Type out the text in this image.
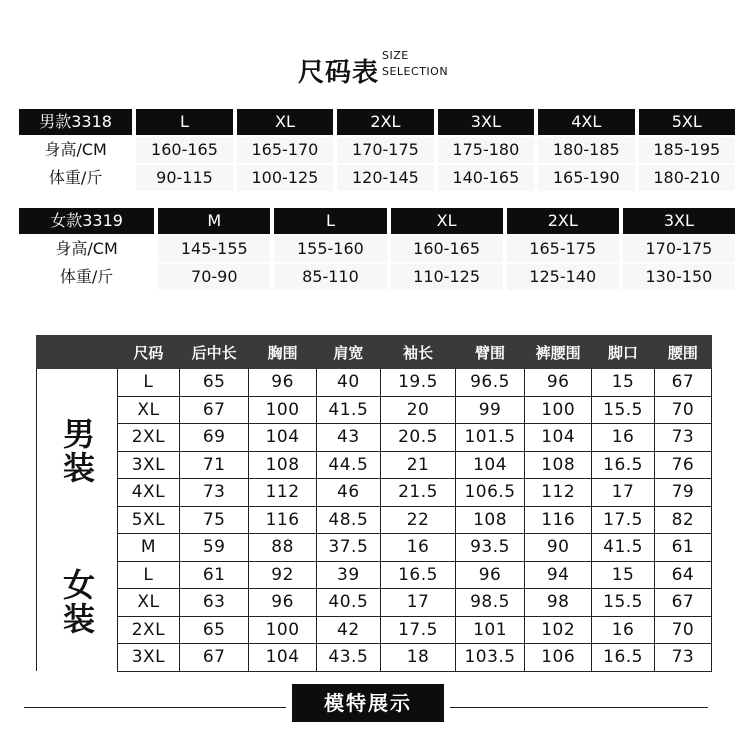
尺码表
SIZE
SELECTION
男款3318	L	XL	2XL	3XL	4XL	5XL
身高/CM	160-165	165-170	170-175	175-180	180-185	185-195
体重/斤	90-115	100-125	120-145	140-165	165-190	180-210
女款3319	M	L	XL	2XL	3XL
身高/CM	145-155	155-160	160-165	165-175	170-175
体重/斤	70-90	85-110	110-125	125-140	130-150
	尺码	后中长	胸围	肩宽	袖长	臂围	裤腰围	脚口	腰围

男装	L	65	96	40	19.5	96.5	96	15	67
	XL	67	100	41.5	20	99	100	15.5	70
	2XL	69	104	43	20.5	101.5	104	16	73
	3XL	71	108	44.5	21	104	108	16.5	76
	4XL	73	112	46	21.5	106.5	112	17	79
	5XL	75	116	48.5	22	108	116	17.5	82

女装	M	59	88	37.5	16	93.5	90	41.5	61
	L	61	92	39	16.5	96	94	15	64
	XL	63	96	40.5	17	98.5	98	15.5	67
	2XL	65	100	42	17.5	101	102	16	70
	3XL	67	104	43.5	18	103.5	106	16.5	73
模特展示
